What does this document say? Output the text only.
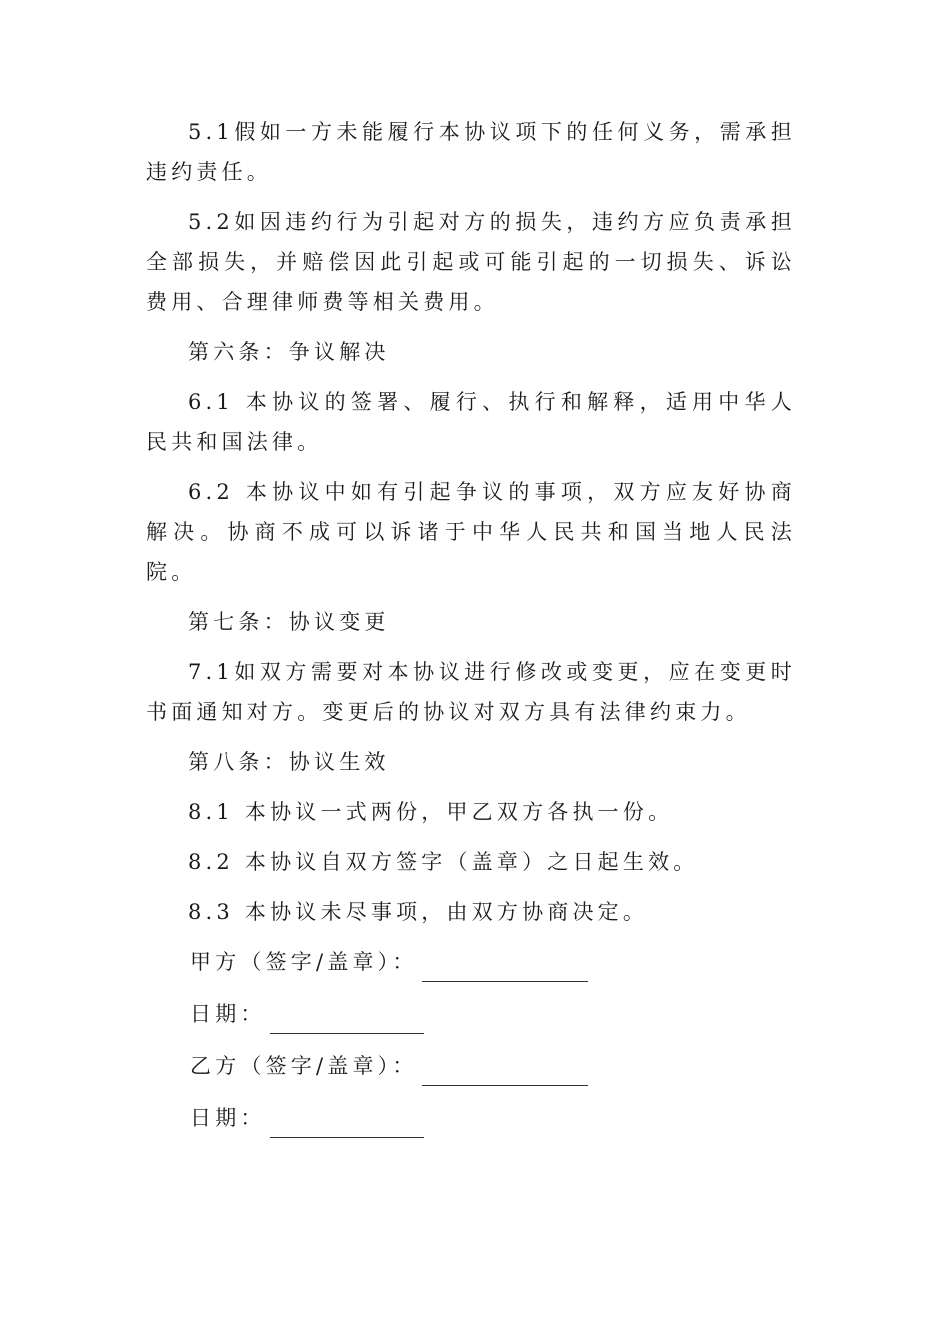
5.1假如一方未能履行本协议项下的任何义务，需承担违约责任。

5.2如因违约行为引起对方的损失，违约方应负责承担全部损失，并赔偿因此引起或可能引起的一切损失、诉讼费用、合理律师费等相关费用。

第六条：争议解决

6.1 本协议的签署、履行、执行和解释，适用中华人民共和国法律。

6.2 本协议中如有引起争议的事项，双方应友好协商解决。协商不成可以诉诸于中华人民共和国当地人民法院。

第七条：协议变更

7.1如双方需要对本协议进行修改或变更，应在变更时书面通知对方。变更后的协议对双方具有法律约束力。

第八条：协议生效

8.1 本协议一式两份，甲乙双方各执一份。

8.2 本协议自双方签字（盖章）之日起生效。

8.3 本协议未尽事项，由双方协商决定。

甲方（签字/盖章）：
日期：
乙方（签字/盖章）：
日期：
